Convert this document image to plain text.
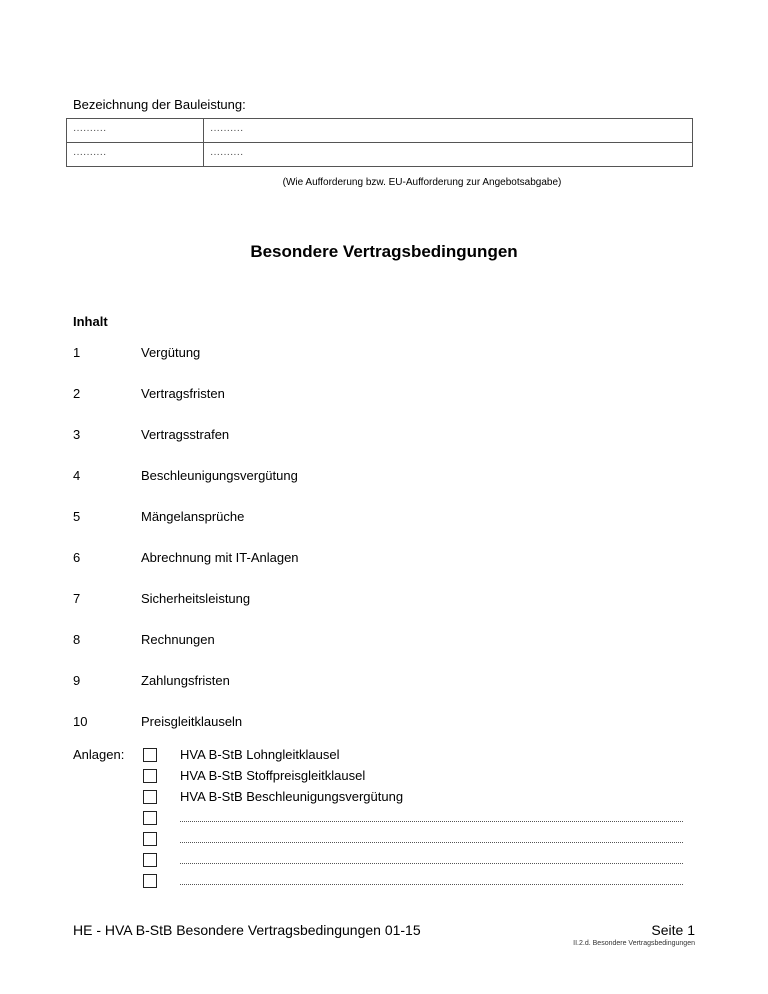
Bezeichnung der Bauleistung:
··········	··········
··········	··········
(Wie Aufforderung bzw. EU-Aufforderung zur Angebotsabgabe)
Besondere Vertragsbedingungen
Inhalt
1	Vergütung
2	Vertragsfristen
3	Vertragsstrafen
4	Beschleunigungsvergütung
5	Mängelansprüche
6	Abrechnung mit IT-Anlagen
7	Sicherheitsleistung
8	Rechnungen
9	Zahlungsfristen
10	Preisgleitklauseln
Anlagen:	HVA B-StB Lohngleitklausel
HVA B-StB Stoffpreisgleitklausel
HVA B-StB Beschleunigungsvergütung
HE - HVA B-StB Besondere Vertragsbedingungen 01-15	Seite 1
II.2.d. Besondere Vertragsbedingungen
